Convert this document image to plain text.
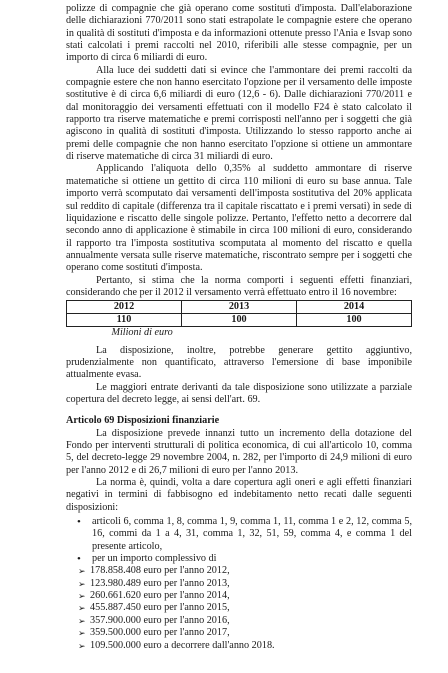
polizze di compagnie che già operano come sostituti d'imposta. Dall'elaborazione delle dichiarazioni 770/2011 sono stati estrapolate le compagnie estere che operano in qualità di sostituti d'imposta e da informazioni ottenute presso l'Ania e Isvap sono stati calcolati i premi raccolti nel 2010, riferibili alle stesse compagnie, per un importo di circa 6 miliardi di euro.

Alla luce dei suddetti dati si evince che l'ammontare dei premi raccolti da compagnie estere che non hanno esercitato l'opzione per il versamento delle imposte sostitutive è di circa 6,6 miliardi di euro (12,6 - 6). Dalle dichiarazioni 770/2011 e dal monitoraggio dei versamenti effettuati con il modello F24 è stato calcolato il rapporto tra riserve matematiche e premi corrisposti nell'anno per i soggetti che già agiscono in qualità di sostituti d'imposta. Utilizzando lo stesso rapporto anche ai premi delle compagnie che non hanno esercitato l'opzione si ottiene un ammontare di riserve matematiche di circa 31 miliardi di euro.

Applicando l'aliquota dello 0,35% al suddetto ammontare di riserve matematiche si ottiene un gettito di circa 110 milioni di euro su base annua. Tale importo verrà scomputato dai versamenti dell'imposta sostitutiva del 20% applicata sul reddito di capitale (differenza tra il capitale riscattato e i premi versati) in sede di liquidazione e riscatto delle singole polizze. Pertanto, l'effetto netto a decorrere dal secondo anno di applicazione è stimabile in circa 100 milioni di euro, considerando il rapporto tra l'imposta sostitutiva scomputata al momento del riscatto e quella annualmente versata sulle riserve matematiche, riscontrato sempre per i soggetti che operano come sostituti d'imposta.

Pertanto, si stima che la norma comporti i seguenti effetti finanziari, considerando che per il 2012 il versamento verrà effettuato entro il 16 novembre:

2012	2013	2014
110	100	100

Milioni di euro

La disposizione, inoltre, potrebbe generare gettito aggiuntivo, prudenzialmente non quantificato, attraverso l'emersione di base imponibile attualmente evasa.

Le maggiori entrate derivanti da tale disposizione sono utilizzate a parziale copertura del decreto legge, ai sensi dell'art. 69.

Articolo 69 Disposizioni finanziarie

La disposizione prevede innanzi tutto un incremento della dotazione del Fondo per interventi strutturali di politica economica, di cui all'articolo 10, comma 5, del decreto-legge 29 novembre 2004, n. 282, per l'importo di 24,9 milioni di euro per l'anno 2012 e di 26,7 milioni di euro per l'anno 2013.

La norma è, quindi, volta a dare copertura agli oneri e agli effetti finanziari negativi in termini di fabbisogno ed indebitamento netto recati dalle seguenti disposizioni:

• articoli 6, comma 1, 8, comma 1, 9, comma 1, 11, comma 1 e 2, 12, comma 5, 16, commi da 1 a 4, 31, comma 1, 32, 51, 59, comma 4, e comma 1 del presente articolo,
• per un importo complessivo di
➢ 178.858.408 euro per l'anno 2012,
➢ 123.980.489 euro per l'anno 2013,
➢ 260.661.620 euro per l'anno 2014,
➢ 455.887.450 euro per l'anno 2015,
➢ 357.900.000 euro per l'anno 2016,
➢ 359.500.000 euro per l'anno 2017,
➢ 109.500.000 euro a decorrere dall'anno 2018.
